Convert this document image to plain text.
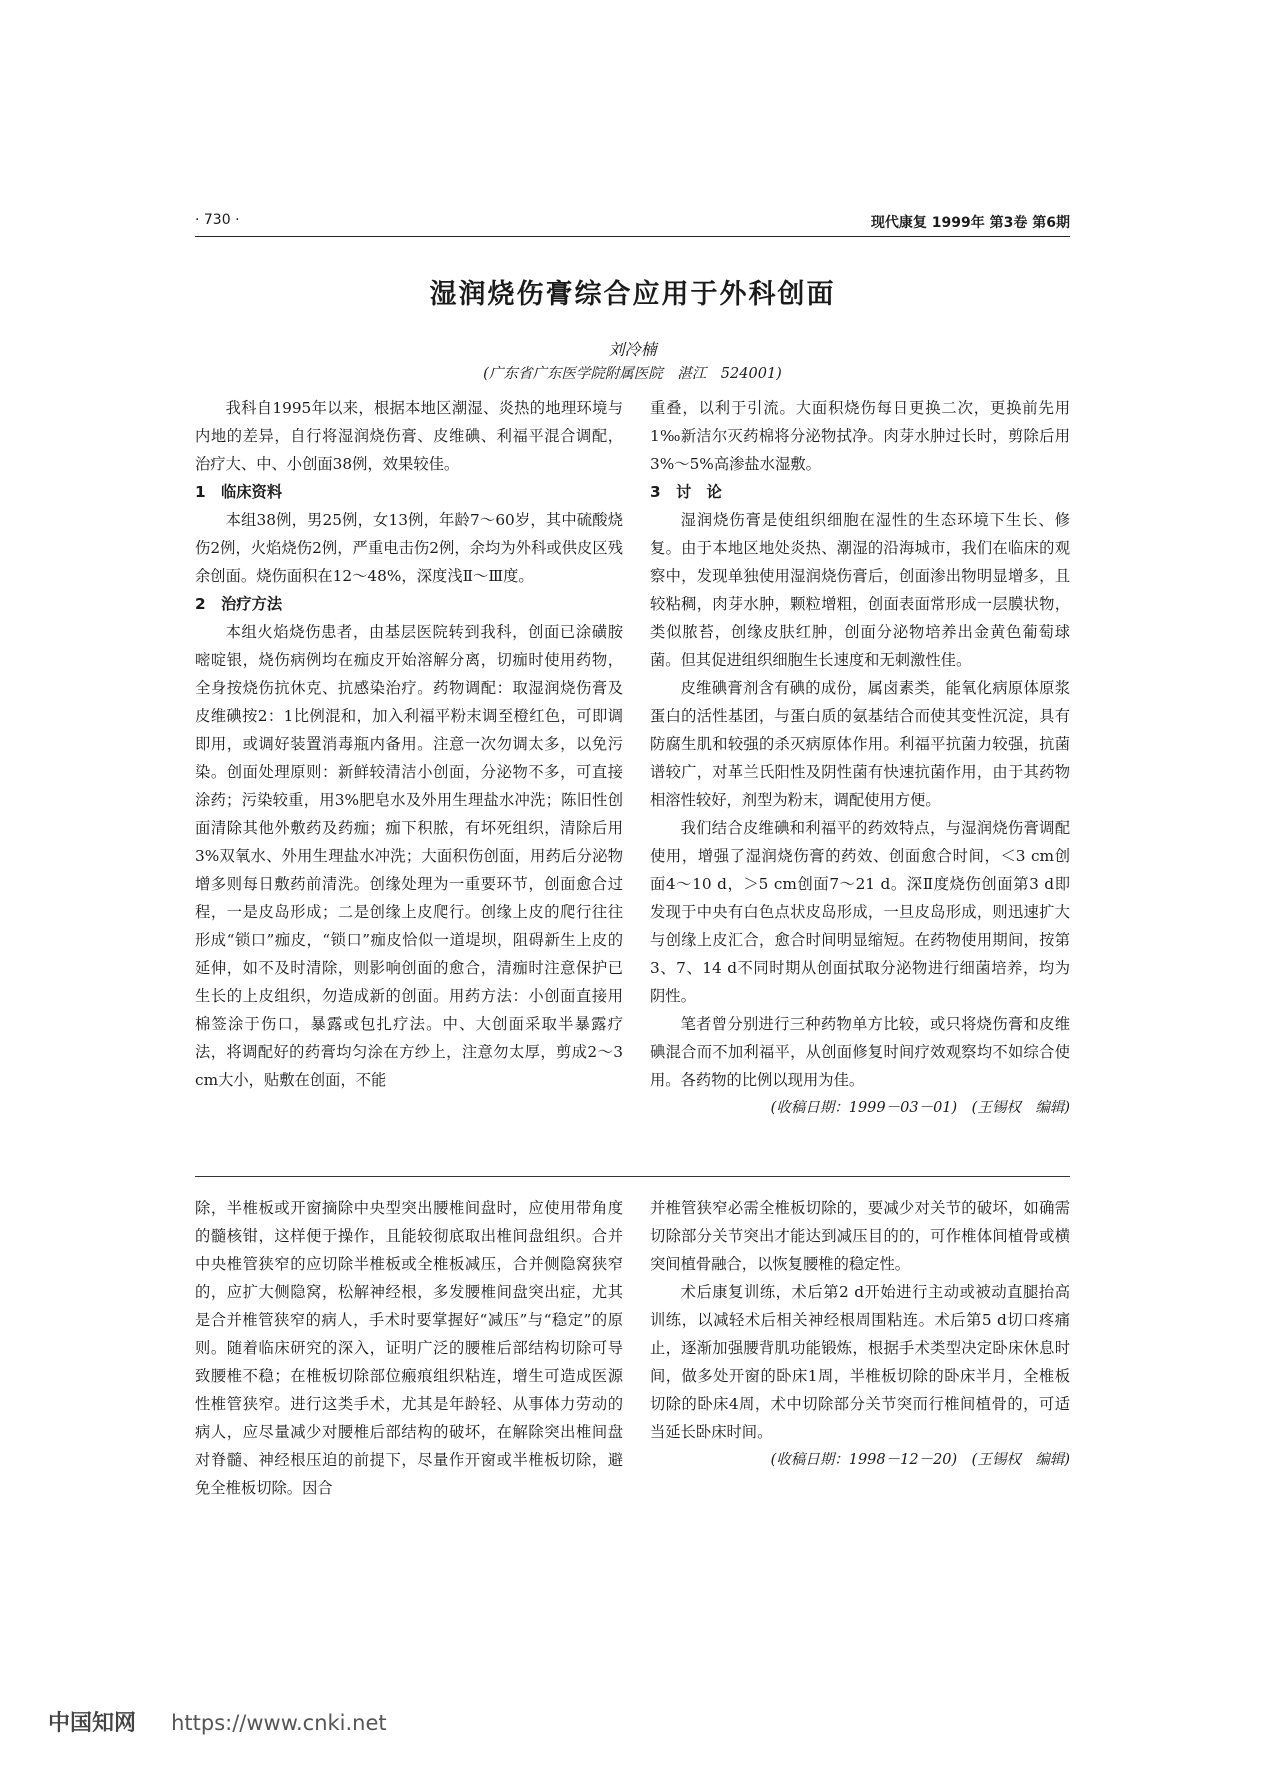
· 730 ·	现代康复 1999年 第3卷 第6期
湿润烧伤膏综合应用于外科创面
刘冷楠
(广东省广东医学院附属医院　湛江　524001)

我科自1995年以来，根据本地区潮湿、炎热的地理环境与内地的差异，自行将湿润烧伤膏、皮维碘、利福平混合调配，治疗大、中、小创面38例，效果较佳。

1　临床资料

本组38例，男25例，女13例，年龄7～60岁，其中硫酸烧伤2例，火焰烧伤2例，严重电击伤2例，余均为外科或供皮区残余创面。烧伤面积在12～48%，深度浅Ⅱ～Ⅲ度。

2　治疗方法

本组火焰烧伤患者，由基层医院转到我科，创面已涂磺胺嘧啶银，烧伤病例均在痂皮开始溶解分离，切痂时使用药物，全身按烧伤抗休克、抗感染治疗。药物调配：取湿润烧伤膏及皮维碘按2：1比例混和，加入利福平粉末调至橙红色，可即调即用，或调好装置消毒瓶内备用。注意一次勿调太多，以免污染。创面处理原则：新鲜较清洁小创面，分泌物不多，可直接涂药；污染较重，用3%肥皂水及外用生理盐水冲洗；陈旧性创面清除其他外敷药及药痂；痂下积脓，有坏死组织，清除后用3%双氧水、外用生理盐水冲洗；大面积伤创面，用药后分泌物增多则每日敷药前清洗。创缘处理为一重要环节，创面愈合过程，一是皮岛形成；二是创缘上皮爬行。创缘上皮的爬行往往形成“锁口”痂皮，“锁口”痂皮恰似一道堤坝，阻碍新生上皮的延伸，如不及时清除，则影响创面的愈合，清痂时注意保护已生长的上皮组织，勿造成新的创面。用药方法：小创面直接用棉签涂于伤口，暴露或包扎疗法。中、大创面采取半暴露疗法，将调配好的药膏均匀涂在方纱上，注意勿太厚，剪成2～3 cm大小，贴敷在创面，不能

重叠，以利于引流。大面积烧伤每日更换二次，更换前先用1‰新洁尔灭药棉将分泌物拭净。肉芽水肿过长时，剪除后用3%～5%高渗盐水湿敷。

3　讨　论

湿润烧伤膏是使组织细胞在湿性的生态环境下生长、修复。由于本地区地处炎热、潮湿的沿海城市，我们在临床的观察中，发现单独使用湿润烧伤膏后，创面渗出物明显增多，且较粘稠，肉芽水肿，颗粒增粗，创面表面常形成一层膜状物，类似脓苔，创缘皮肤红肿，创面分泌物培养出金黄色葡萄球菌。但其促进组织细胞生长速度和无刺激性佳。

皮维碘膏剂含有碘的成份，属卤素类，能氧化病原体原浆蛋白的活性基团，与蛋白质的氨基结合而使其变性沉淀，具有防腐生肌和较强的杀灭病原体作用。利福平抗菌力较强，抗菌谱较广，对革兰氏阳性及阴性菌有快速抗菌作用，由于其药物相溶性较好，剂型为粉末，调配使用方便。

我们结合皮维碘和利福平的药效特点，与湿润烧伤膏调配使用，增强了湿润烧伤膏的药效、创面愈合时间，＜3 cm创面4～10 d，＞5 cm创面7～21 d。深Ⅱ度烧伤创面第3 d即发现于中央有白色点状皮岛形成，一旦皮岛形成，则迅速扩大与创缘上皮汇合，愈合时间明显缩短。在药物使用期间，按第3、7、14 d不同时期从创面拭取分泌物进行细菌培养，均为阴性。

笔者曾分别进行三种药物单方比较，或只将烧伤膏和皮维碘混合而不加利福平，从创面修复时间疗效观察均不如综合使用。各药物的比例以现用为佳。

(收稿日期：1999－03－01)　(王锡权　编辑)

除，半椎板或开窗摘除中央型突出腰椎间盘时，应使用带角度的髓核钳，这样便于操作，且能较彻底取出椎间盘组织。合并中央椎管狭窄的应切除半椎板或全椎板减压，合并侧隐窝狭窄的，应扩大侧隐窝，松解神经根，多发腰椎间盘突出症，尤其是合并椎管狭窄的病人，手术时要掌握好“减压”与“稳定”的原则。随着临床研究的深入，证明广泛的腰椎后部结构切除可导致腰椎不稳；在椎板切除部位瘢痕组织粘连，增生可造成医源性椎管狭窄。进行这类手术，尤其是年龄轻、从事体力劳动的病人，应尽量减少对腰椎后部结构的破坏，在解除突出椎间盘对脊髓、神经根压迫的前提下，尽量作开窗或半椎板切除，避免全椎板切除。因合

并椎管狭窄必需全椎板切除的，要减少对关节的破坏，如确需切除部分关节突出才能达到减压目的的，可作椎体间植骨或横突间植骨融合，以恢复腰椎的稳定性。

术后康复训练，术后第2 d开始进行主动或被动直腿抬高训练，以减轻术后相关神经根周围粘连。术后第5 d切口疼痛止，逐渐加强腰背肌功能锻炼，根据手术类型决定卧床休息时间，做多处开窗的卧床1周，半椎板切除的卧床半月，全椎板切除的卧床4周，术中切除部分关节突而行椎间植骨的，可适当延长卧床时间。

(收稿日期：1998－12－20)　(王锡权　编辑)

中国知网 https://www.cnki.net
